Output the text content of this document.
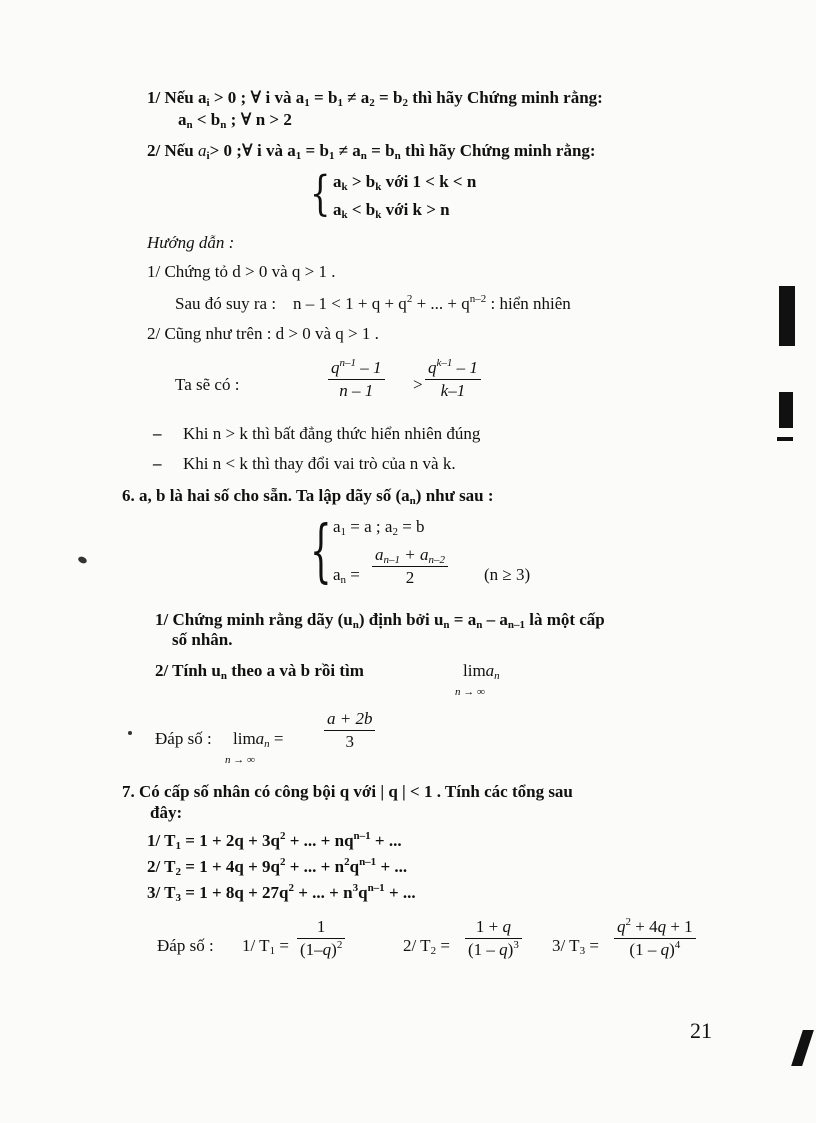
1/ Nếu $a_i > 0$ ; ∀ i và $a_1 = b_1 \ne a_2 = b_2$ thì hãy Chứng minh rằng:
$a_n < b_n$ ; ∀ n > 2
2/ Nếu $a_i> 0$ ;∀ i và $a_1 = b_1 \ne a_n = b_n$ thì hãy Chứng minh rằng:
{ $a_k > b_k$ với 1 < k < n
$a_k < b_k$ với k > n
Hướng dẫn :
1/ Chứng tỏ d > 0 và q > 1 .
Sau đó suy ra : $n - 1 < 1 + q + q^2$ + ... + $q^{n-2}$ : hiển nhiên
2/ Cũng như trên : d > 0 và q > 1 .
Ta sẽ có :	$\frac{q^{n-1} - 1}{n - 1} > \frac{q^{k-1} - 1}{k-1}$
– Khi n > k thì bất đẳng thức hiển nhiên đúng
– Khi n < k thì thay đổi vai trò của n và k.
6. a, b là hai số cho sẵn. Ta lập dãy số $(a_n)$ như sau :
{ $a_1 = a$ ; $a_2 = b$
$a_n = \frac{a_{n-1} + a_{n-2}}{2} (n \ge 3)$
1/ Chứng minh rằng dãy $(u_n)$ định bởi $u_n = a_n - a_{n-1}$ là một cấp
số nhân.
2/ Tính $u_n$ theo a và b rồi tìm	lima$_n$
n → ∞
Đáp số : lima$_n$ =
n → ∞
$\frac{a + 2b}{3}$
7. Có cấp số nhân có công bội q với | q | < 1 . Tính các tổng sau
đây:
1/ $T_1 = 1 + 2q + 3q^2$ + ... + $nq^{n-1}$ + ...
2/ $T_2 = 1 + 4q + 9q^2$ + ... + $n^2q^{n-1}$ + ...
3/ $T_3 = 1 + 8q + 27q^2$ + ... + $n^3q^{n-1}$ + ...
Đáp số : 1/ $T_1 = \frac{1}{(1-q)^2}$	2/ $T_2 = \frac{1 + q}{(1 - q)^3} 3/$ $T_3 = \frac{q^2 + 4q + 1}{(1 - q)^4}$
21
